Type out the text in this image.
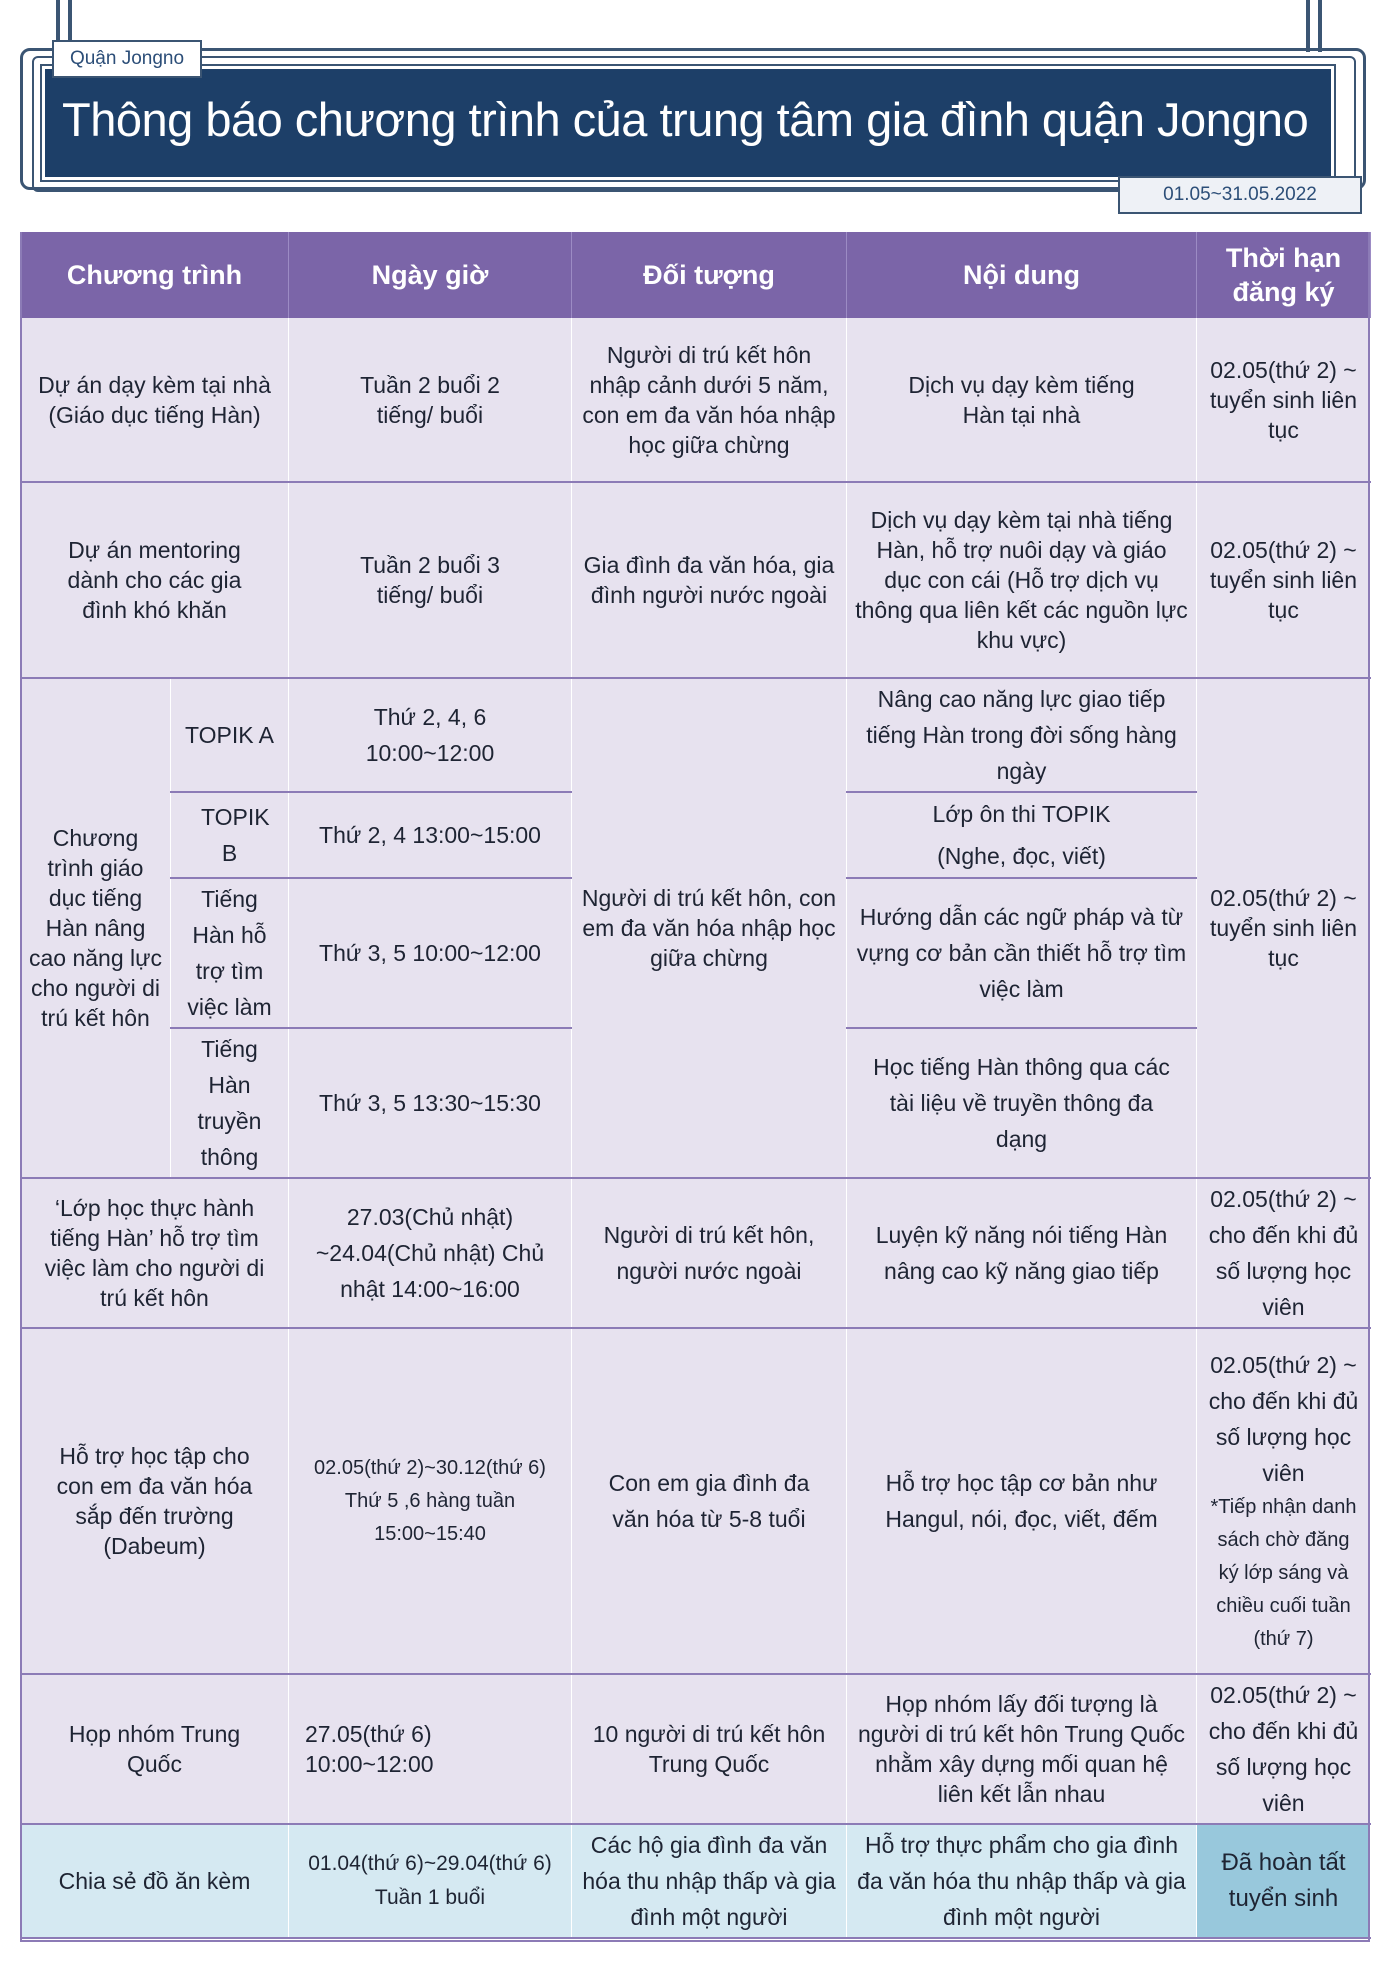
Thông báo chương trình của trung tâm gia đình quận Jongno
Quận Jongno
01.05~31.05.2022
Chương trình		Ngày giờ	Đối tượng	Nội dung	Thời hạn đăng ký
Dự án dạy kèm tại nhà (Giáo dục tiếng Hàn)		Tuần 2 buổi 2 tiếng/ buổi	Người di trú kết hôn nhập cảnh dưới 5 năm, con em đa văn hóa nhập học giữa chừng	Dịch vụ dạy kèm tiếng Hàn tại nhà	02.05(thứ 2) ~ tuyển sinh liên tục
Dự án mentoring dành cho các gia đình khó khăn		Tuần 2 buổi 3 tiếng/ buổi	Gia đình đa văn hóa, gia đình người nước ngoài	Dịch vụ dạy kèm tại nhà tiếng Hàn, hỗ trợ nuôi dạy và giáo dục con cái (Hỗ trợ dịch vụ thông qua liên kết các nguồn lực khu vực)	02.05(thứ 2) ~ tuyển sinh liên tục
Chương trình giáo dục tiếng Hàn nâng cao năng lực cho người di trú kết hôn	TOPIK A	Thứ 2, 4, 6 10:00~12:00	Người di trú kết hôn, con em đa văn hóa nhập học giữa chừng	Nâng cao năng lực giao tiếp tiếng Hàn trong đời sống hàng ngày	02.05(thứ 2) ~ tuyển sinh liên tục
	TOPIK B	Thứ 2, 4 13:00~15:00		Lớp ôn thi TOPIK (Nghe, đọc, viết)	
	Tiếng Hàn hỗ trợ tìm việc làm	Thứ 3, 5 10:00~12:00		Hướng dẫn các ngữ pháp và từ vựng cơ bản cần thiết hỗ trợ tìm việc làm	
	Tiếng Hàn truyền thông	Thứ 3, 5 13:30~15:30		Học tiếng Hàn thông qua các tài liệu về truyền thông đa dạng	
‘Lớp học thực hành tiếng Hàn’ hỗ trợ tìm việc làm cho người di trú kết hôn		27.03(Chủ nhật) ~24.04(Chủ nhật) Chủ nhật 14:00~16:00	Người di trú kết hôn, người nước ngoài	Luyện kỹ năng nói tiếng Hàn nâng cao kỹ năng giao tiếp	02.05(thứ 2) ~ cho đến khi đủ số lượng học viên
Hỗ trợ học tập cho con em đa văn hóa sắp đến trường (Dabeum)		02.05(thứ 2)~30.12(thứ 6) Thứ 5 ,6 hàng tuần 15:00~15:40	Con em gia đình đa văn hóa từ 5-8 tuổi	Hỗ trợ học tập cơ bản như Hangul, nói, đọc, viết, đếm	02.05(thứ 2) ~ cho đến khi đủ số lượng học viên
*Tiếp nhận danh sách chờ đăng ký lớp sáng và chiều cuối tuần (thứ 7)

Họp nhóm Trung Quốc		27.05(thứ 6) 10:00~12:00	10 người di trú kết hôn Trung Quốc	Họp nhóm lấy đối tượng là người di trú kết hôn Trung Quốc nhằm xây dựng mối quan hệ liên kết lẫn nhau	02.05(thứ 2) ~ cho đến khi đủ số lượng học viên
Chia sẻ đồ ăn kèm		01.04(thứ 6)~29.04(thứ 6) Tuần 1 buổi	Các hộ gia đình đa văn hóa thu nhập thấp và gia đình một người	Hỗ trợ thực phẩm cho gia đình đa văn hóa thu nhập thấp và gia đình một người	Đã hoàn tất tuyển sinh
